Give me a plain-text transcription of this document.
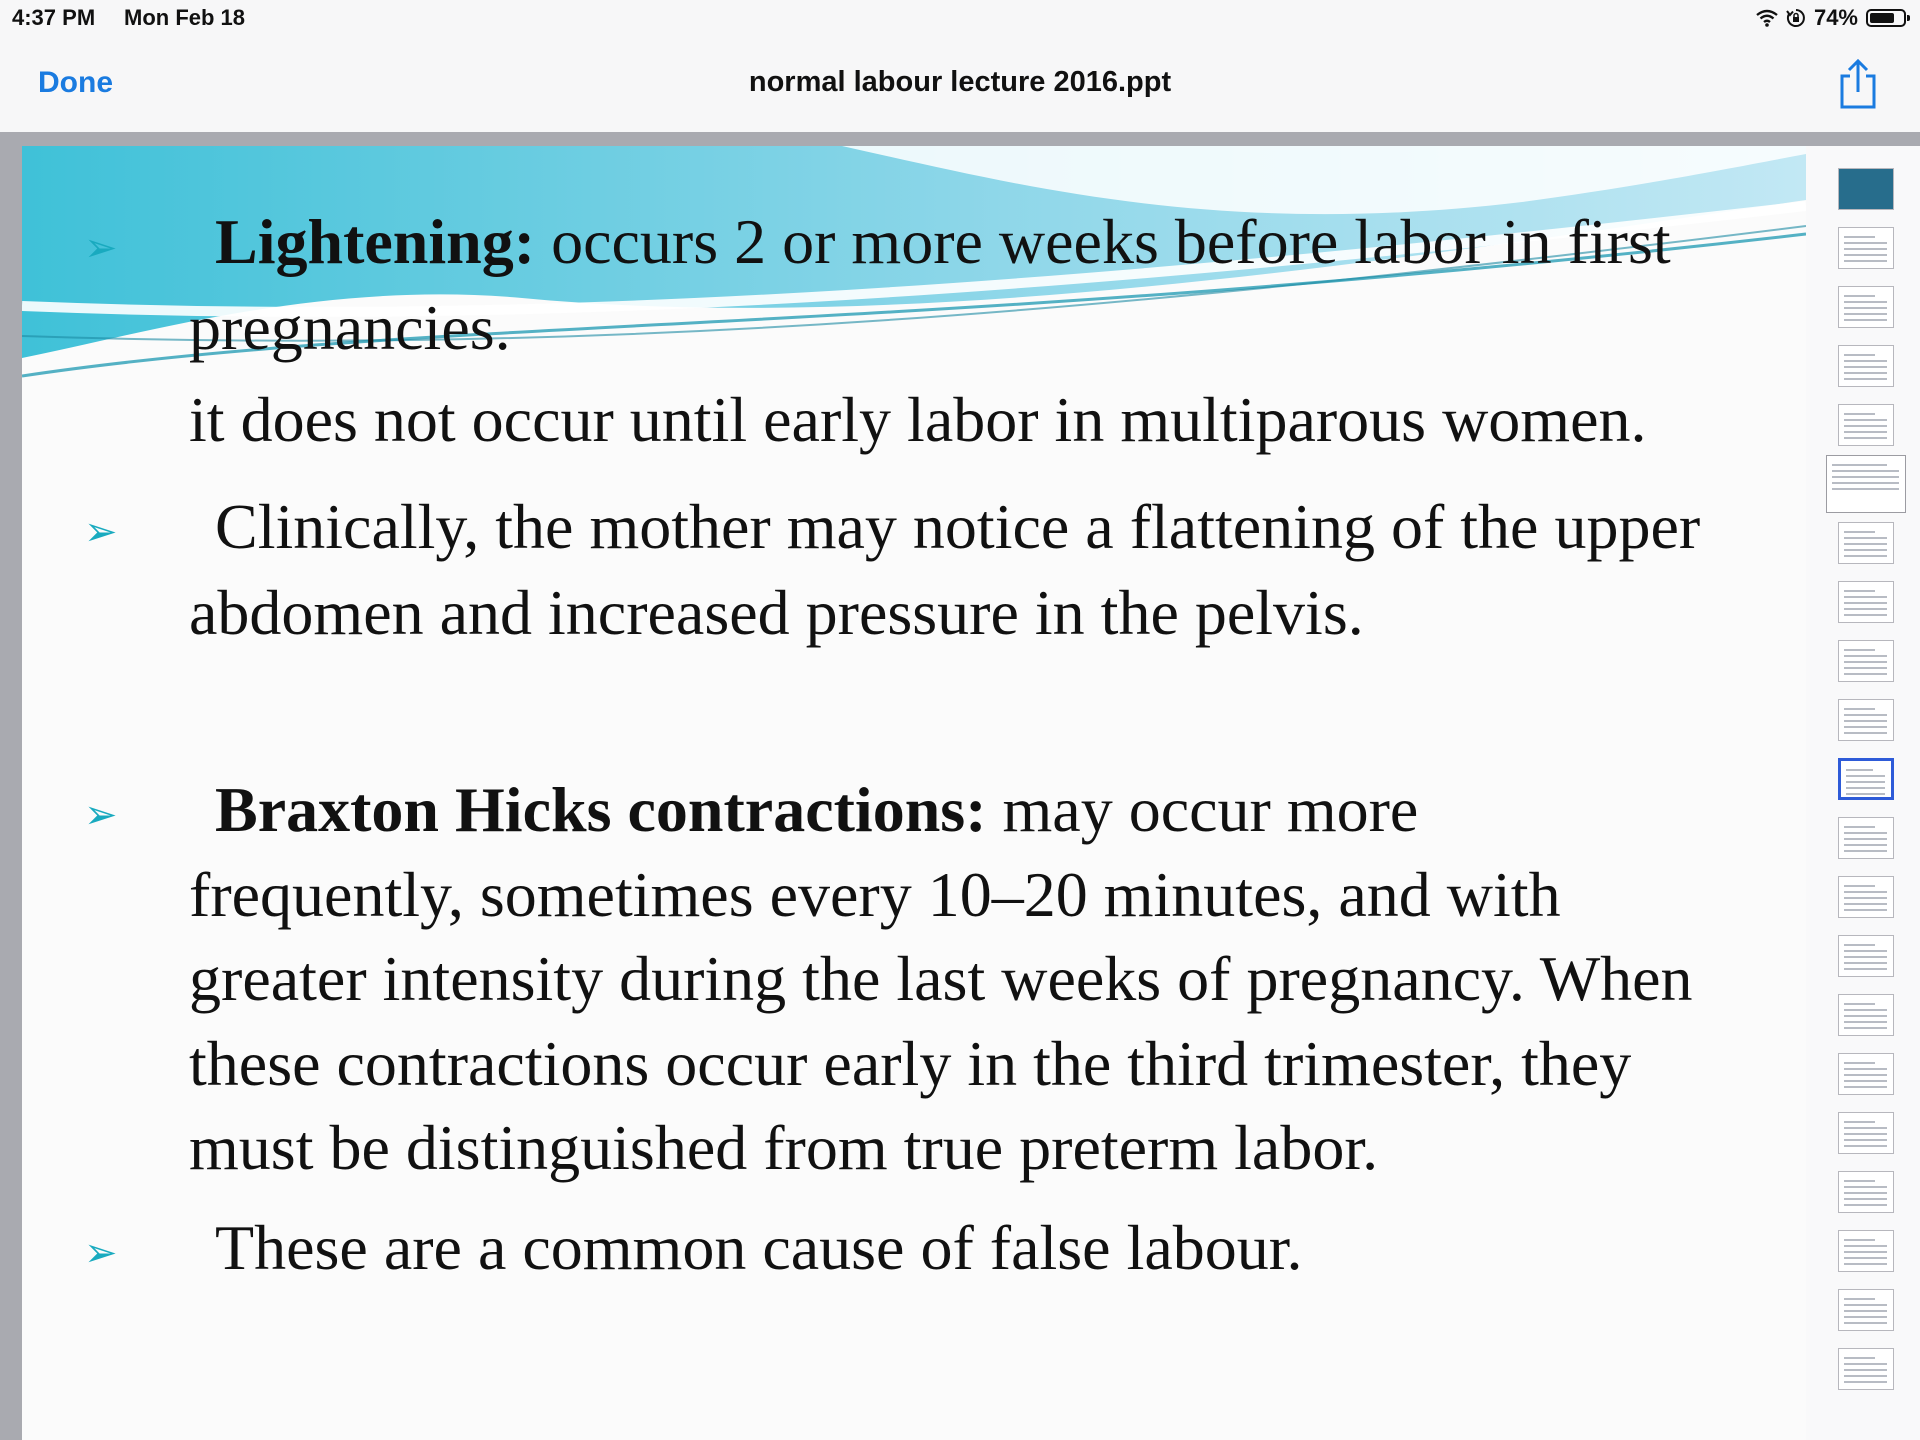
4:37 PM Mon Feb 18	74%
Done	normal labour lecture 2016.ppt
➢ Lightening: occurs 2 or more weeks before labor in first
pregnancies.
it does not occur until early labor in multiparous women.
➢ Clinically, the mother may notice a flattening of the upper
abdomen and increased pressure in the pelvis.
➢ Braxton Hicks contractions: may occur more
frequently, sometimes every 10–20 minutes, and with
greater intensity during the last weeks of pregnancy. When
these contractions occur early in the third trimester, they
must be distinguished from true preterm labor.
➢ These are a common cause of false labour.
